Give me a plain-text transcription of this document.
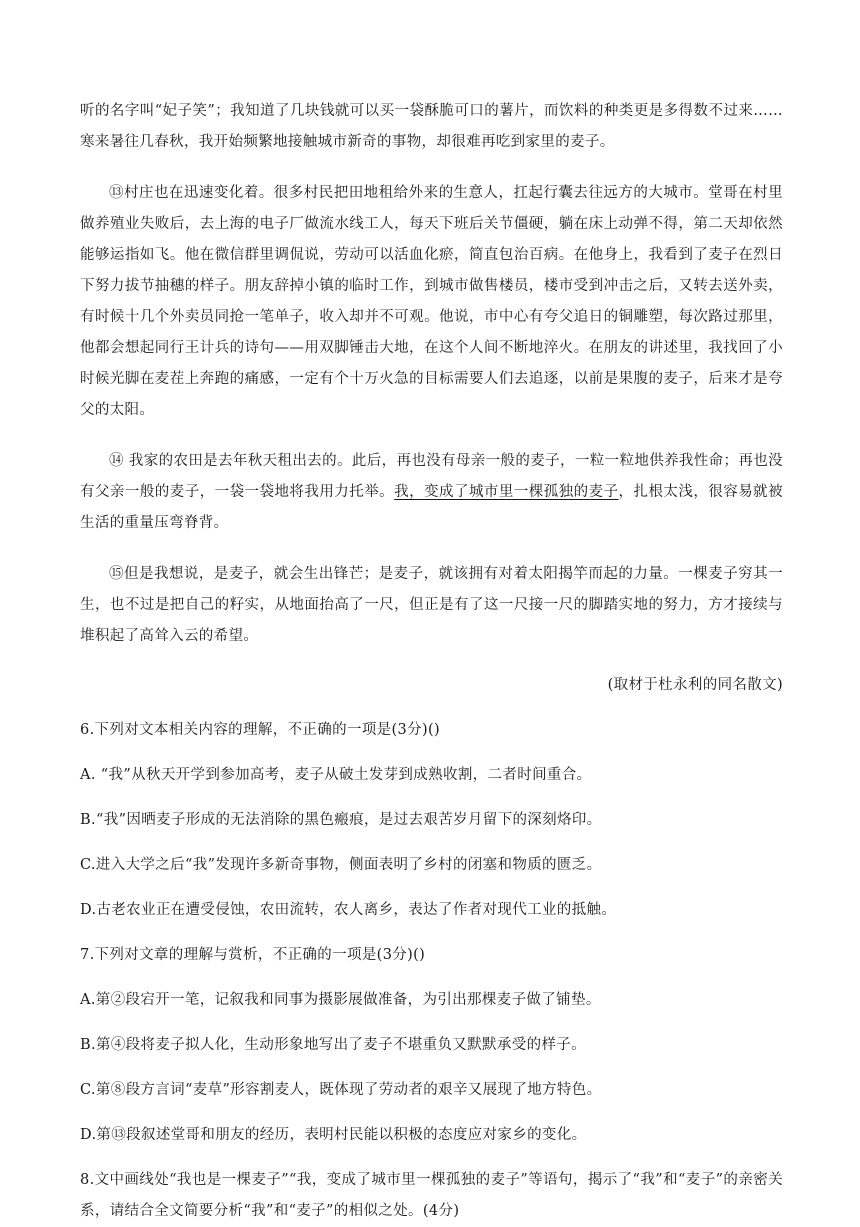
听的名字叫“妃子笑”；我知道了几块钱就可以买一袋酥脆可口的薯片，而饮料的种类更是多得数不过来……寒来暑往几春秋，我开始频繁地接触城市新奇的事物，却很难再吃到家里的麦子。

⑬村庄也在迅速变化着。很多村民把田地租给外来的生意人，扛起行囊去往远方的大城市。堂哥在村里做养殖业失败后，去上海的电子厂做流水线工人，每天下班后关节僵硬，躺在床上动弹不得，第二天却依然能够运指如飞。他在微信群里调侃说，劳动可以活血化瘀，简直包治百病。在他身上，我看到了麦子在烈日下努力拔节抽穗的样子。朋友辞掉小镇的临时工作，到城市做售楼员，楼市受到冲击之后，又转去送外卖，有时候十几个外卖员同抢一笔单子，收入却并不可观。他说，市中心有夸父追日的铜雕塑，每次路过那里，他都会想起同行王计兵的诗句——用双脚锤击大地，在这个人间不断地淬火。在朋友的讲述里，我找回了小时候光脚在麦茬上奔跑的痛感，一定有个十万火急的目标需要人们去追逐，以前是果腹的麦子，后来才是夸父的太阳。

⑭ 我家的农田是去年秋天租出去的。此后，再也没有母亲一般的麦子，一粒一粒地供养我性命；再也没有父亲一般的麦子，一袋一袋地将我用力托举。我，变成了城市里一棵孤独的麦子，扎根太浅，很容易就被生活的重量压弯脊背。

⑮但是我想说，是麦子，就会生出锋芒；是麦子，就该拥有对着太阳揭竿而起的力量。一棵麦子穷其一生，也不过是把自己的籽实，从地面抬高了一尺，但正是有了这一尺接一尺的脚踏实地的努力，方才接续与堆积起了高耸入云的希望。

(取材于杜永利的同名散文)

6.下列对文本相关内容的理解，不正确的一项是(3分)()

A. “我”从秋天开学到参加高考，麦子从破土发芽到成熟收割，二者时间重合。

B.“我”因晒麦子形成的无法消除的黑色瘢痕，是过去艰苦岁月留下的深刻烙印。

C.进入大学之后“我”发现许多新奇事物，侧面表明了乡村的闭塞和物质的匮乏。

D.古老农业正在遭受侵蚀，农田流转，农人离乡，表达了作者对现代工业的抵触。

7.下列对文章的理解与赏析，不正确的一项是(3分)()

A.第②段宕开一笔，记叙我和同事为摄影展做准备，为引出那棵麦子做了铺垫。

B.第④段将麦子拟人化，生动形象地写出了麦子不堪重负又默默承受的样子。

C.第⑧段方言词“麦草”形容割麦人，既体现了劳动者的艰辛又展现了地方特色。

D.第⑬段叙述堂哥和朋友的经历，表明村民能以积极的态度应对家乡的变化。

8.文中画线处“我也是一棵麦子”“我，变成了城市里一棵孤独的麦子”等语句，揭示了“我”和“麦子”的亲密关系，请结合全文简要分析“我”和“麦子”的相似之处。(4分)
